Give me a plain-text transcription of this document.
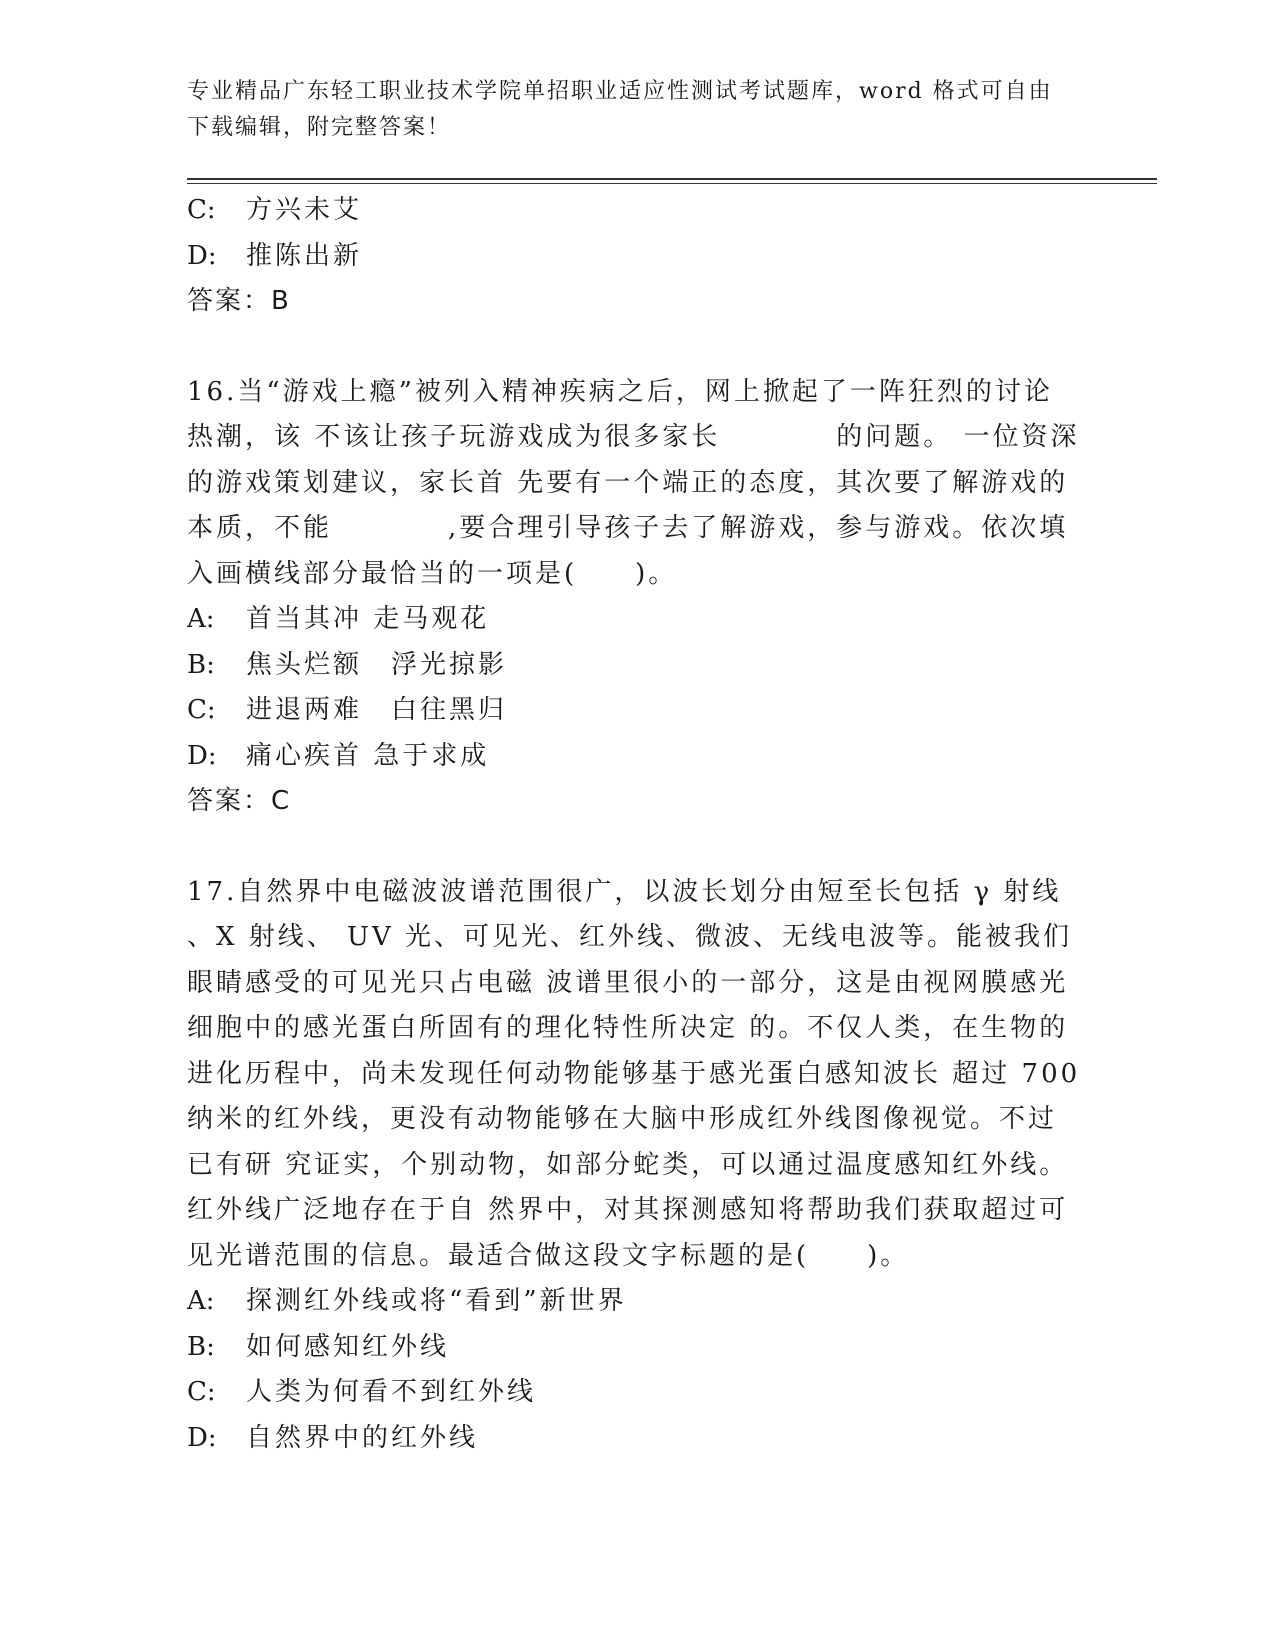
专业精品广东轻工职业技术学院单招职业适应性测试考试题库，word 格式可自由
下载编辑，附完整答案！
C:	方兴未艾
D:	推陈出新
答案：B
16.当“游戏上瘾”被列入精神疾病之后，网上掀起了一阵狂烈的讨论
热潮，该 不该让孩子玩游戏成为很多家长　　　　的问题。 一位资深
的游戏策划建议，家长首 先要有一个端正的态度，其次要了解游戏的
本质，不能　　　　,要合理引导孩子去了解游戏，参与游戏。依次填
入画横线部分最恰当的一项是(　　)。
A:	首当其冲 走马观花
B:	焦头烂额　浮光掠影
C:	进退两难　白往黑归
D:	痛心疾首 急于求成
答案：C
17.自然界中电磁波波谱范围很广，以波长划分由短至长包括 γ 射线
、X 射线、 UV 光、可见光、红外线、微波、无线电波等。能被我们
眼睛感受的可见光只占电磁 波谱里很小的一部分，这是由视网膜感光
细胞中的感光蛋白所固有的理化特性所决定 的。不仅人类，在生物的
进化历程中，尚未发现任何动物能够基于感光蛋白感知波长 超过 700
纳米的红外线，更没有动物能够在大脑中形成红外线图像视觉。不过
已有研 究证实，个别动物，如部分蛇类，可以通过温度感知红外线。
红外线广泛地存在于自 然界中，对其探测感知将帮助我们获取超过可
见光谱范围的信息。最适合做这段文字标题的是(　　)。
A:	探测红外线或将“看到”新世界
B:	如何感知红外线
C:	人类为何看不到红外线
D:	自然界中的红外线
